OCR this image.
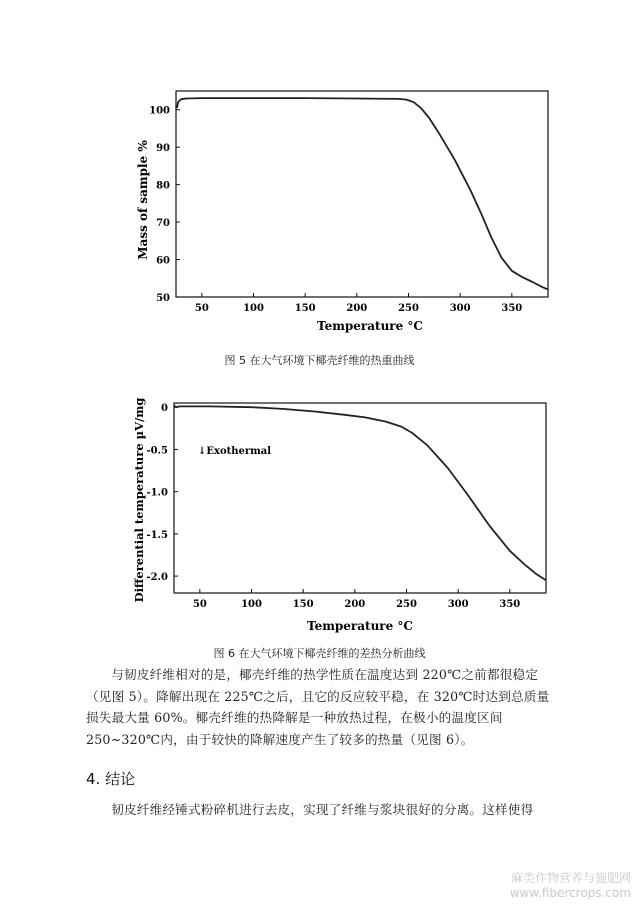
50	100	150	200	250	300	350
50
60
70
80
90
100
Temperature °C
Mass of sample %
图 5 在大气环境下椰壳纤维的热重曲线
50	100	150	200	250	300	350
-2.0
-1.5
-1.0
-0.5
0
Temperature °C
Differential temperature µV/mg	↓Exothermal
图 6 在大气环境下椰壳纤维的差热分析曲线

与韧皮纤维相对的是，椰壳纤维的热学性质在温度达到 220℃之前都很稳定（见图 5）。降解出现在 225℃之后，且它的反应较平稳，在 320℃时达到总质量损失最大量 60%。椰壳纤维的热降解是一种放热过程，在极小的温度区间 250~320℃内，由于较快的降解速度产生了较多的热量（见图 6）。

4. 结论

韧皮纤维经锤式粉碎机进行去皮，实现了纤维与浆块很好的分离。这样使得

麻类作物营养与施肥网
www.fibercrops.com
